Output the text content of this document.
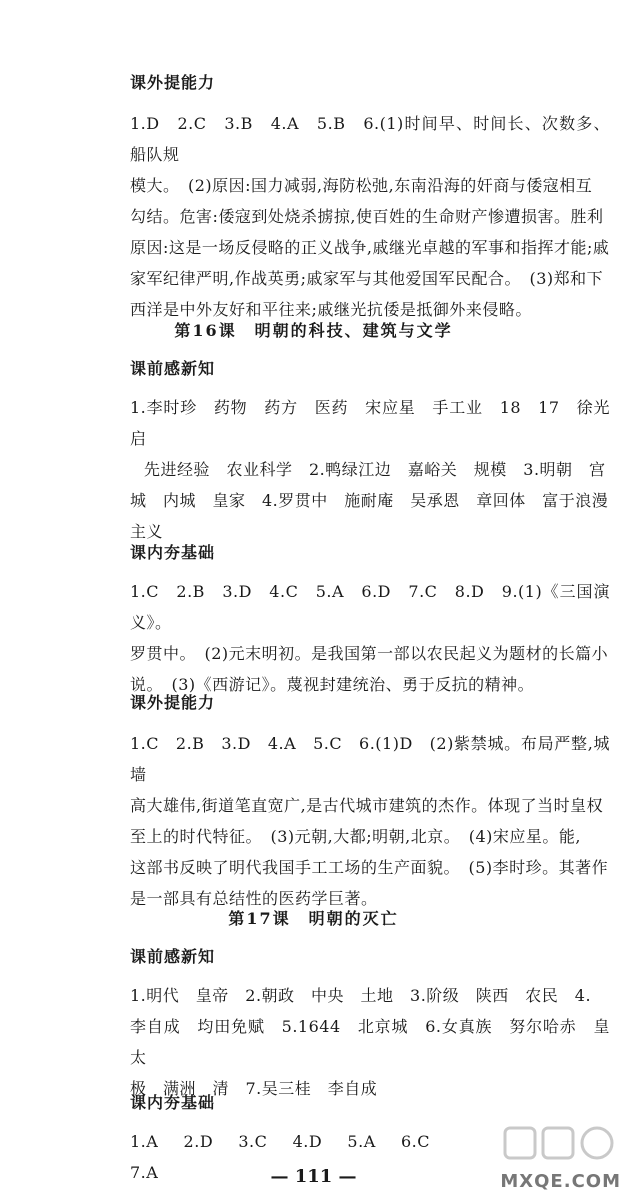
课外提能力

1.D　2.C　3.B　4.A　5.B　6.(1)时间早、时间长、次数多、船队规
模大。　(2)原因:国力减弱,海防松弛,东南沿海的奸商与倭寇相互
勾结。危害:倭寇到处烧杀掳掠,使百姓的生命财产惨遭损害。胜利
原因:这是一场反侵略的正义战争,戚继光卓越的军事和指挥才能;戚
家军纪律严明,作战英勇;戚家军与其他爱国军民配合。　(3)郑和下
西洋是中外友好和平往来;戚继光抗倭是抵御外来侵略。

第16课　明朝的科技、建筑与文学
课前感新知

1.李时珍　药物　药方　医药　宋应星　手工业　18　17　徐光启
先进经验　农业科学　2.鸭绿江边　嘉峪关　规模　3.明朝　宫
城　内城　皇家　4.罗贯中　施耐庵　吴承恩　章回体　富于浪漫
主义

课内夯基础

1.C　2.B　3.D　4.C　5.A　6.D　7.C　8.D　9.(1)《三国演义》。
罗贯中。　(2)元末明初。是我国第一部以农民起义为题材的长篇小
说。　(3)《西游记》。蔑视封建统治、勇于反抗的精神。

课外提能力

1.C　2.B　3.D　4.A　5.C　6.(1)D　(2)紫禁城。布局严整,城墙
高大雄伟,街道笔直宽广,是古代城市建筑的杰作。体现了当时皇权
至上的时代特征。　(3)元朝,大都;明朝,北京。　(4)宋应星。能,
这部书反映了明代我国手工工场的生产面貌。　(5)李时珍。其著作
是一部具有总结性的医药学巨著。

第17课　明朝的灭亡
课前感新知

1.明代　皇帝　2.朝政　中央　土地　3.阶级　陕西　农民　4.
李自成　均田免赋　5.1644　北京城　6.女真族　努尔哈赤　皇太
极　满洲　清　7.吴三桂　李自成

课内夯基础

1.A　2.D　3.C　4.D　5.A　6.C　7.A	— 111 —	MXQE.COM
